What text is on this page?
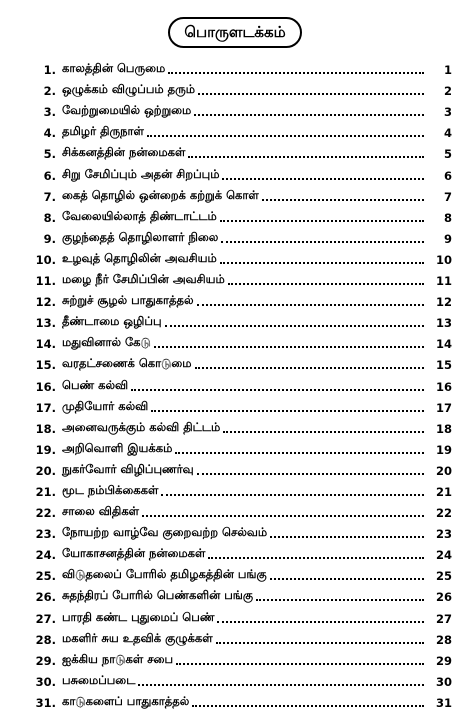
பொருளடக்கம்
1. காலத்தின் பெருமை	1
2. ஒழுக்கம் விழுப்பம் தரும்	2
3. வேற்றுமையில் ஒற்றுமை	3
4. தமிழர் திருநாள்	4
5. சிக்கனத்தின் நன்மைகள்	5
6. சிறு சேமிப்பும் அதன் சிறப்பும்	6
7. கைத் தொழில் ஒன்றைக் கற்றுக் கொள்	7
8. வேலையில்லாத் திண்டாட்டம்	8
9. குழந்தைத் தொழிலாளர் நிலை	9
10. உழவுத் தொழிலின் அவசியம்	10
11. மழை நீர் சேமிப்பின் அவசியம்	11
12. சுற்றுச் சூழல் பாதுகாத்தல்	12
13. தீண்டாமை ஒழிப்பு	13
14. மதுவினால் கேடு	14
15. வரதட்சணைக் கொடுமை	15
16. பெண் கல்வி	16
17. முதியோர் கல்வி	17
18. அனைவருக்கும் கல்வி திட்டம்	18
19. அறிவொளி இயக்கம்	19
20. நுகர்வோர் விழிப்புணர்வு	20
21. மூட நம்பிக்கைகள்	21
22. சாலை விதிகள்	22
23. நோயற்ற வாழ்வே குறைவற்ற செல்வம்	23
24. யோகாசனத்தின் நன்மைகள்	24
25. விடுதலைப் போரில் தமிழகத்தின் பங்கு	25
26. சுதந்திரப் போரில் பெண்களின் பங்கு	26
27. பாரதி கண்ட புதுமைப் பெண்	27
28. மகளிர் சுய உதவிக் குழுக்கள்	28
29. ஐக்கிய நாடுகள் சபை	29
30. பசுமைப்படை	30
31. காடுகளைப் பாதுகாத்தல்	31
